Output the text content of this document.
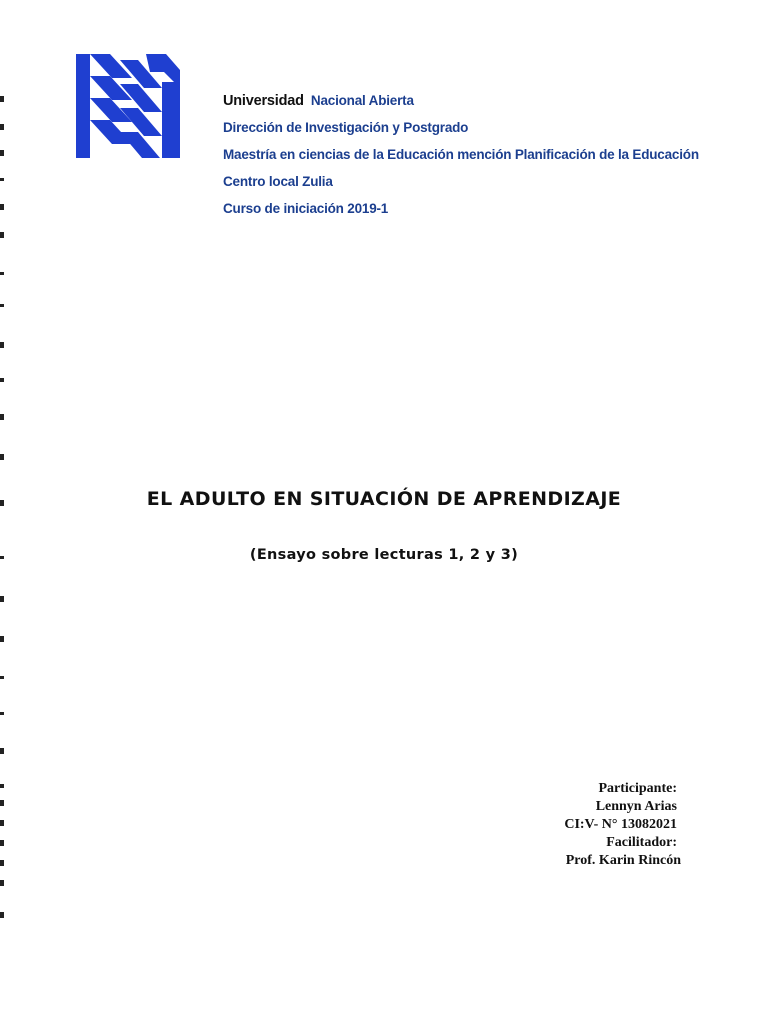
Universidad Nacional Abierta
Dirección de Investigación y Postgrado
Maestría en ciencias de la Educación mención Planificación de la Educación
Centro local Zulia
Curso de iniciación 2019-1
EL ADULTO EN SITUACIÓN DE APRENDIZAJE
(Ensayo sobre lecturas 1, 2 y 3)
Participante:
Lennyn Arias
CI:V- N° 13082021
Facilitador:
Prof. Karin Rincón
